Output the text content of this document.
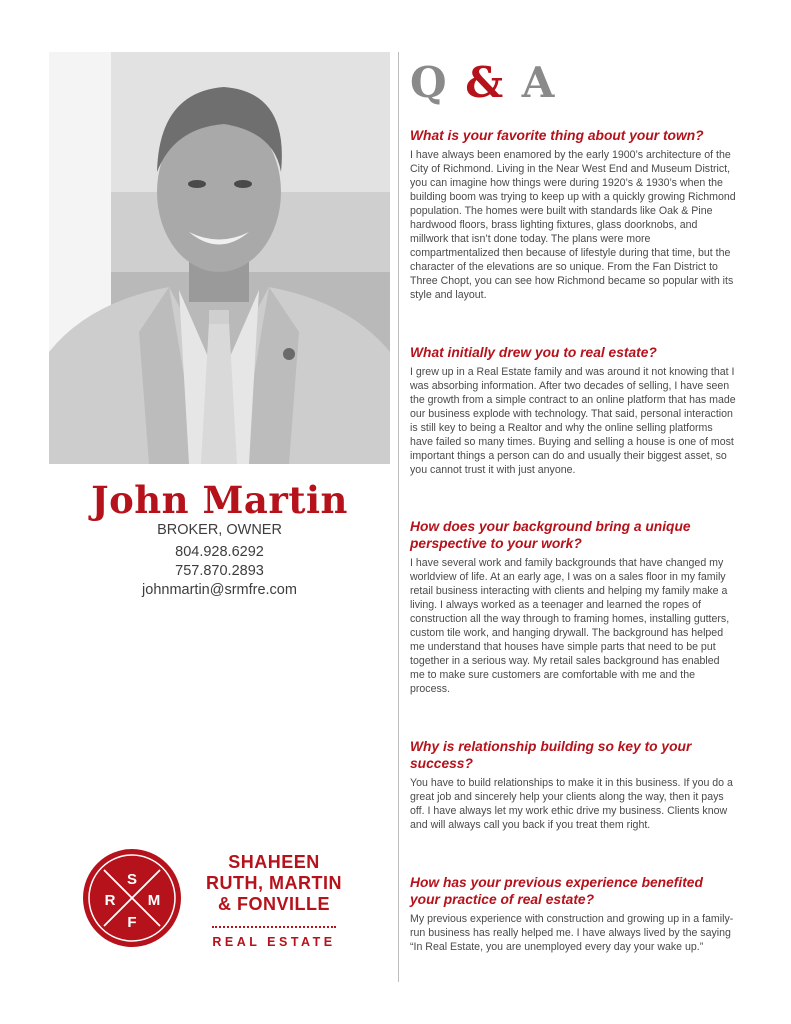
John Martin
BROKER, OWNER
804.928.6292
757.870.2893
johnmartin@srmfre.com
Q & A

What is your favorite thing about your town?

I have always been enamored by the early 1900’s architecture of the City of Richmond. Living in the Near West End and Museum District, you can imagine how things were during 1920’s & 1930’s when the building boom was trying to keep up with a quickly growing Richmond population. The homes were built with standards like Oak & Pine hardwood floors, brass lighting fixtures, glass doorknobs, and millwork that isn’t done today. The plans were more compartmentalized then because of lifestyle during that time, but the character of the elevations are so unique. From the Fan District to Three Chopt, you can see how Richmond became so popular with its style and layout.

What initially drew you to real estate?

I grew up in a Real Estate family and was around it not knowing that I was absorbing information. After two decades of selling, I have seen the growth from a simple contract to an online platform that has made our business explode with technology. That said, personal interaction is still key to being a Realtor and why the online selling platforms have failed so many times. Buying and selling a house is one of most important things a person can do and usually their biggest asset, so you cannot trust it with just anyone.

How does your background bring a unique perspective to your work?

I have several work and family backgrounds that have changed my worldview of life. At an early age, I was on a sales floor in my family retail business interacting with clients and helping my family make a living. I always worked as a teenager and learned the ropes of construction all the way through to framing homes, installing gutters, custom tile work, and hanging drywall. The background has helped me understand that houses have simple parts that need to be put together in a serious way. My retail sales background has enabled me to make sure customers are comfortable with me and the process.

Why is relationship building so key to your success?

You have to build relationships to make it in this business. If you do a great job and sincerely help your clients along the way, then it pays off. I have always let my work ethic drive my business. Clients know and will always call you back if you treat them right.

How has your previous experience benefited your practice of real estate?

My previous experience with construction and growing up in a family-run business has really helped me. I have always lived by the saying “In Real Estate, you are unemployed every day your wake up.”

S
R M
F
SHAHEEN
RUTH, MARTIN
& FONVILLE
REAL ESTATE
